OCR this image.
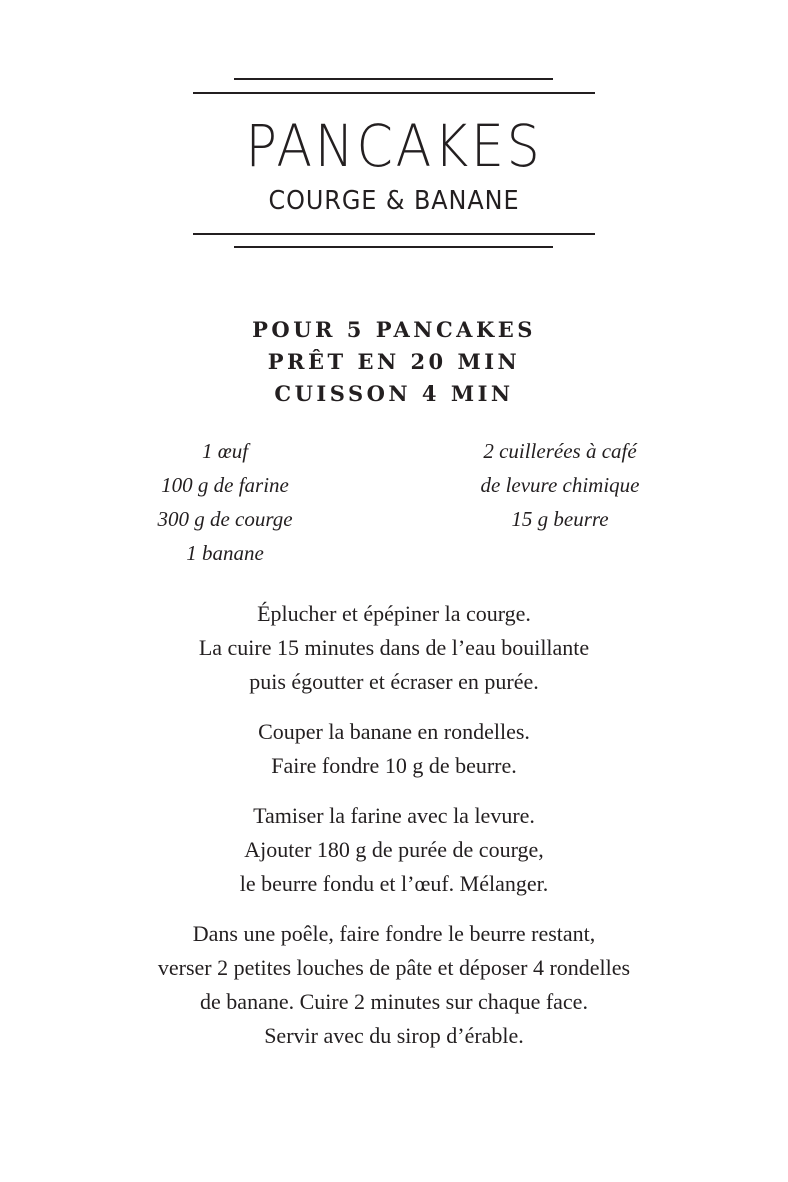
PANCAKES
COURGE & BANANE
POUR 5 PANCAKES
PRÊT EN 20 MIN
CUISSON 4 MIN
1 œuf
100 g de farine
300 g de courge
1 banane
2 cuillerées à café
de levure chimique
15 g beurre
Éplucher et épépiner la courge.
La cuire 15 minutes dans de l’eau bouillante
puis égoutter et écraser en purée.
Couper la banane en rondelles.
Faire fondre 10 g de beurre.
Tamiser la farine avec la levure.
Ajouter 180 g de purée de courge,
le beurre fondu et l’œuf. Mélanger.
Dans une poêle, faire fondre le beurre restant,
verser 2 petites louches de pâte et déposer 4 rondelles
de banane. Cuire 2 minutes sur chaque face.
Servir avec du sirop d’érable.
